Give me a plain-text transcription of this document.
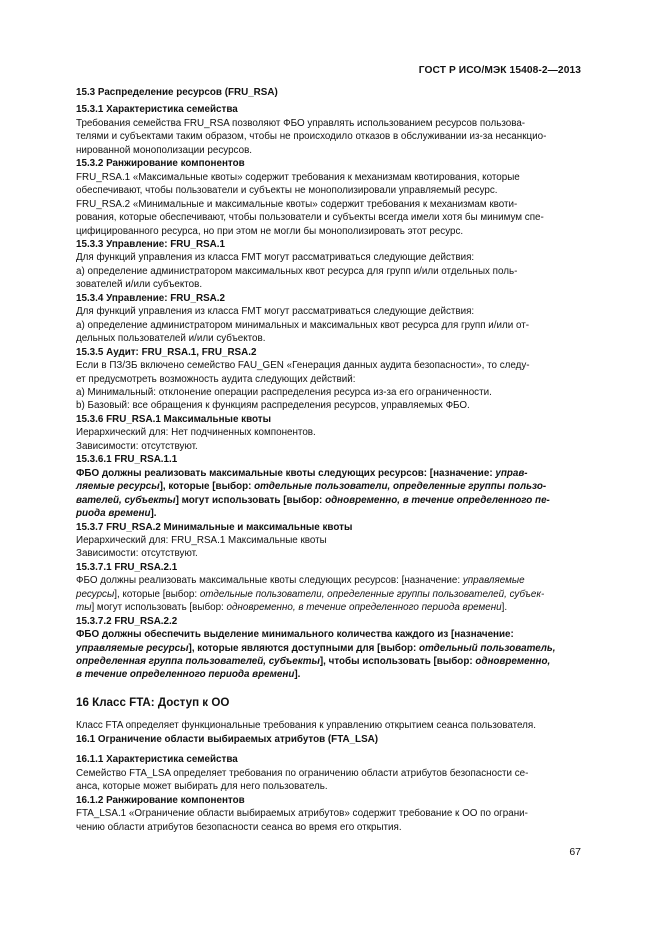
ГОСТ Р ИСО/МЭК 15408-2—2013
15.3 Распределение ресурсов (FRU_RSA)
15.3.1 Характеристика семейства
Требования семейства FRU_RSA позволяют ФБО управлять использованием ресурсов пользова-
телями и субъектами таким образом, чтобы не происходило отказов в обслуживании из-за несанкцио-
нированной монополизации ресурсов.
15.3.2 Ранжирование компонентов
FRU_RSA.1 «Максимальные квоты» содержит требования к механизмам квотирования, которые
обеспечивают, чтобы пользователи и субъекты не монополизировали управляемый ресурс.
FRU_RSA.2 «Минимальные и максимальные квоты» содержит требования к механизмам квоти-
рования, которые обеспечивают, чтобы пользователи и субъекты всегда имели хотя бы минимум спе-
цифицированного ресурса, но при этом не могли бы монополизировать этот ресурс.
15.3.3 Управление: FRU_RSA.1
Для функций управления из класса FMT могут рассматриваться следующие действия:
а) определение администратором максимальных квот ресурса для групп и/или отдельных поль-
зователей и/или субъектов.
15.3.4 Управление: FRU_RSA.2
Для функций управления из класса FMT могут рассматриваться следующие действия:
а) определение администратором минимальных и максимальных квот ресурса для групп и/или от-
дельных пользователей и/или субъектов.
15.3.5 Аудит: FRU_RSA.1, FRU_RSA.2
Если в ПЗ/ЗБ включено семейство FAU_GEN «Генерация данных аудита безопасности», то следу-
ет предусмотреть возможность аудита следующих действий:
а) Минимальный: отклонение операции распределения ресурса из-за его ограниченности.
b) Базовый: все обращения к функциям распределения ресурсов, управляемых ФБО.
15.3.6 FRU_RSA.1 Максимальные квоты
Иерархический для: Нет подчиненных компонентов.
Зависимости: отсутствуют.
15.3.6.1 FRU_RSA.1.1
ФБО должны реализовать максимальные квоты следующих ресурсов: [назначение: управ-
ляемые ресурсы], которые [выбор: отдельные пользователи, определенные группы пользо-
вателей, субъекты] могут использовать [выбор: одновременно, в течение определенного пе-
риода времени].
15.3.7 FRU_RSA.2 Минимальные и максимальные квоты
Иерархический для: FRU_RSA.1 Максимальные квоты
Зависимости: отсутствуют.
15.3.7.1 FRU_RSA.2.1
ФБО должны реализовать максимальные квоты следующих ресурсов: [назначение: управляемые
ресурсы], которые [выбор: отдельные пользователи, определенные группы пользователей, субъек-
ты] могут использовать [выбор: одновременно, в течение определенного периода времени].
15.3.7.2 FRU_RSA.2.2
ФБО должны обеспечить выделение минимального количества каждого из [назначение:
управляемые ресурсы], которые являются доступными для [выбор: отдельный пользователь,
определенная группа пользователей, субъекты], чтобы использовать [выбор: одновременно,
в течение определенного периода времени].
16 Класс FTA: Доступ к ОО
Класс FTA определяет функциональные требования к управлению открытием сеанса пользователя.
16.1 Ограничение области выбираемых атрибутов (FTA_LSA)
16.1.1 Характеристика семейства
Семейство FTA_LSA определяет требования по ограничению области атрибутов безопасности се-
анса, которые может выбирать для него пользователь.
16.1.2 Ранжирование компонентов
FTA_LSA.1 «Ограничение области выбираемых атрибутов» содержит требование к ОО по ограни-
чению области атрибутов безопасности сеанса во время его открытия.
67
